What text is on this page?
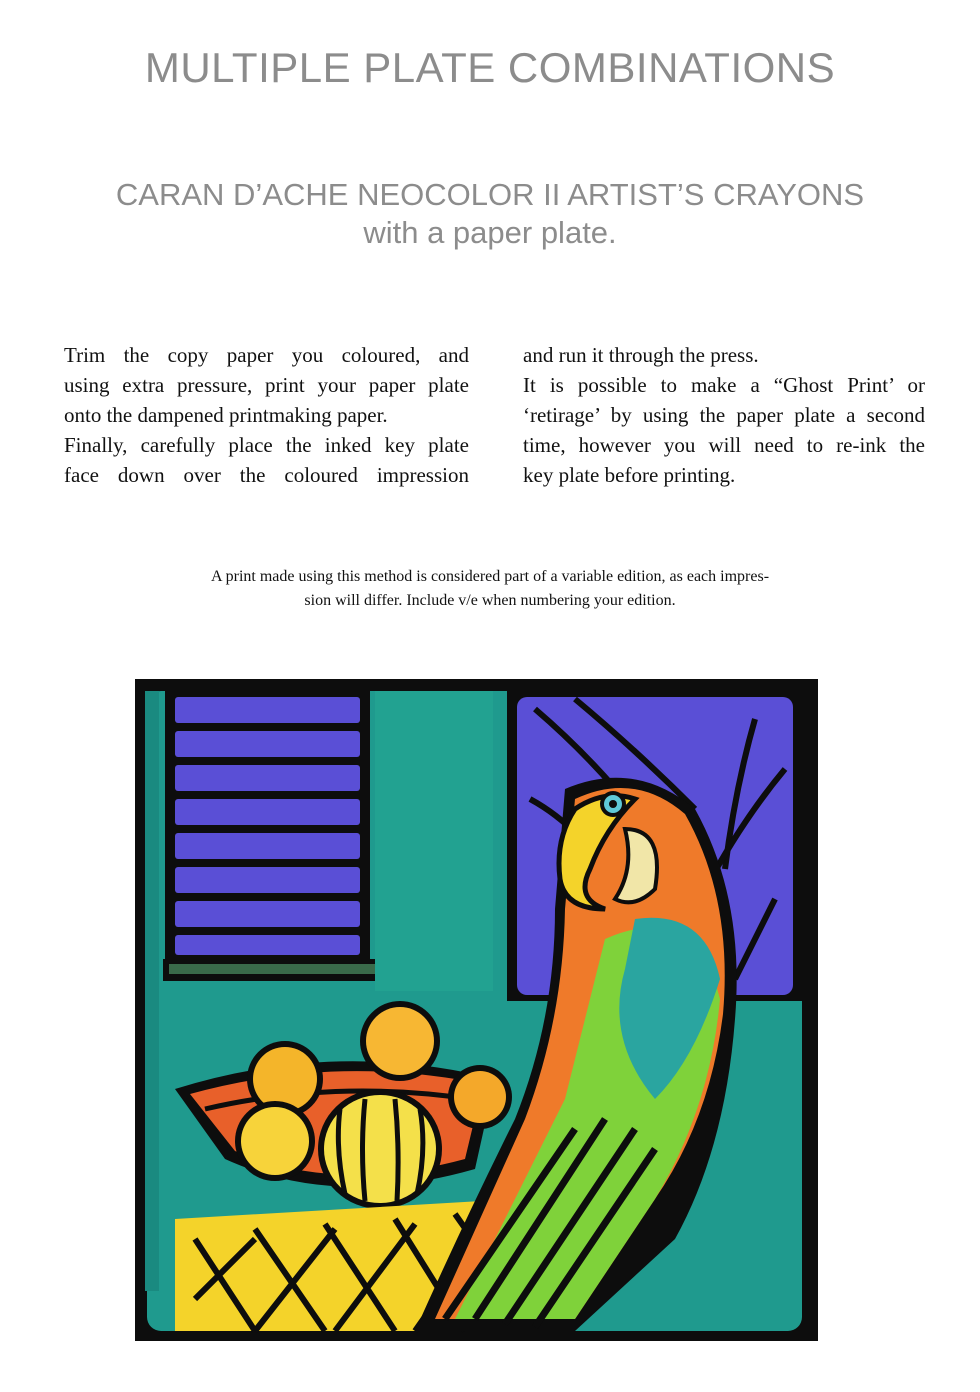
MULTIPLE PLATE COMBINATIONS
CARAN D’ACHE NEOCOLOR II ARTIST’S CRAYONS
with a paper plate.
Trim the copy paper you coloured, and
using extra pressure, print your paper plate
onto the dampened printmaking paper.
Finally, carefully place the inked key plate
face down over the coloured impression
and run it through the press.
It is possible to make a “Ghost Print’ or
‘retirage’ by using the paper plate a second
time, however you will need to re-ink the
key plate before printing.
A print made using this method is considered part of a variable edition, as each impres-
sion will differ. Include v/e when numbering your edition.
